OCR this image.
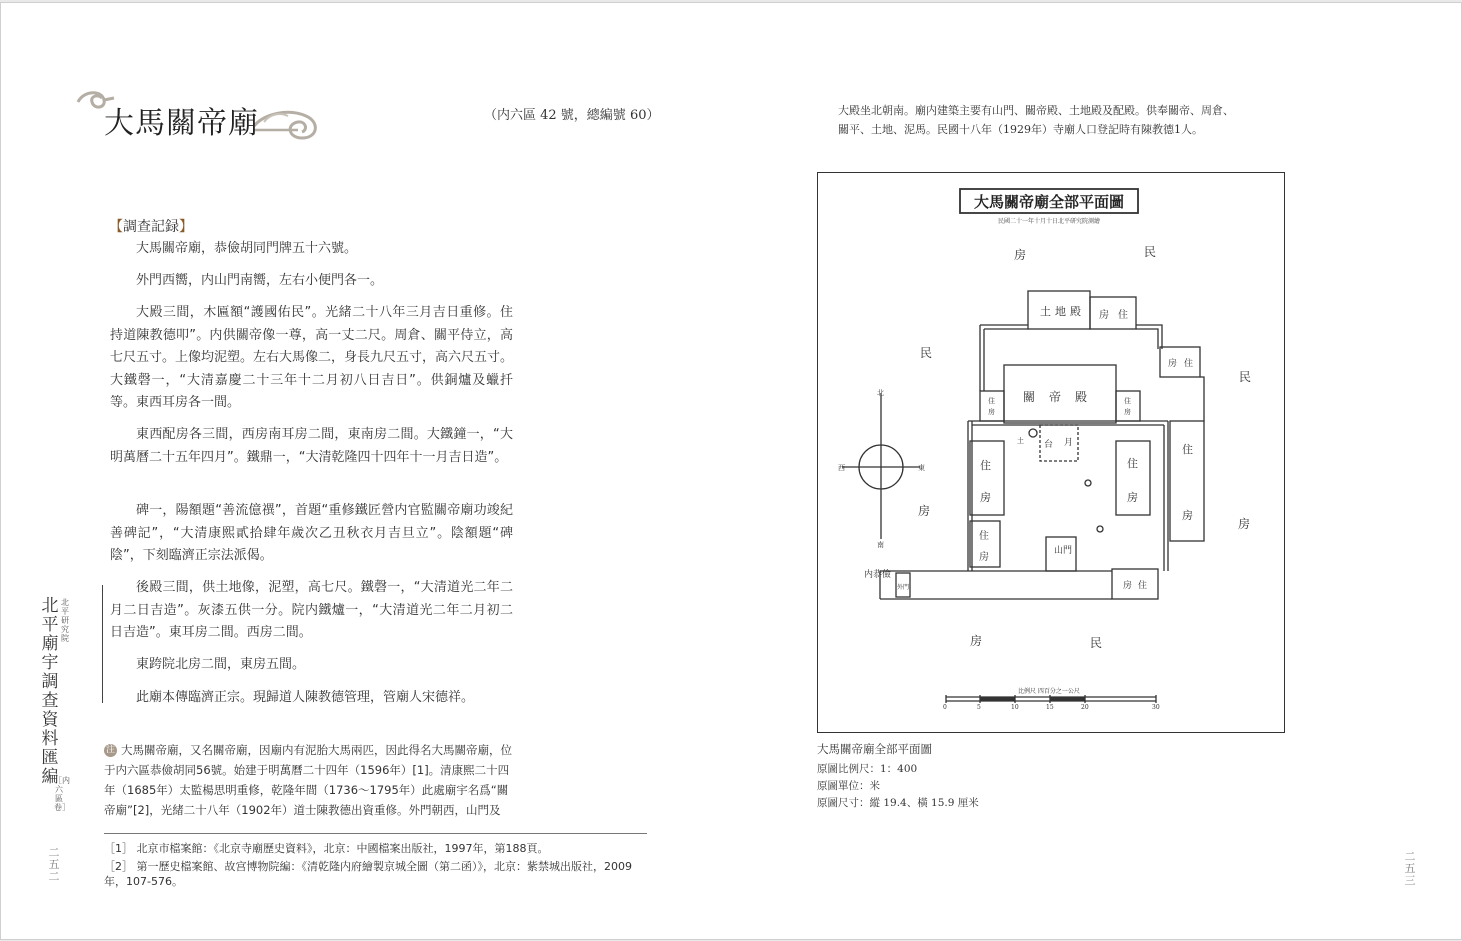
大馬關帝廟	（内六區 42 號，總編號 60）
【調查記録】

大馬關帝廟，恭儉胡同門牌五十六號。

外門西嚮，内山門南嚮，左右小便門各一。

大殿三間，木匾額“護國佑民”。光緒二十八年三月吉日重修。住持道陳教德叩”。内供關帝像一尊，高一丈二尺。周倉、關平侍立，高七尺五寸。上像均泥塑。左右大馬像二，身長九尺五寸，高六尺五寸。大鐵磬一，“大清嘉慶二十三年十二月初八日吉日”。供銅爐及蠟扦等。東西耳房各一間。

東西配房各三間，西房南耳房二間，東南房二間。大鐵鐘一，“大明萬曆二十五年四月”。鐵鼎一，“大清乾隆四十四年十一月吉日造”。

碑一，陽額題“善流億禩”，首題“重修鐵匠營内官監關帝廟功竣紀善碑記”，“大清康熙貳拾肆年歲次乙丑秋衣月吉旦立”。陰額題“碑陰”，下刻臨濟正宗法派偈。

後殿三間，供土地像，泥塑，高七尺。鐵磬一，“大清道光二年二月二日吉造”。灰漆五供一分。院内鐵爐一，“大清道光二年二月初二日吉造”。東耳房二間。西房二間。

東跨院北房二間，東房五間。

此廟本傳臨濟正宗。現歸道人陳教德管理，管廟人宋德祥。

注 大馬關帝廟，又名關帝廟，因廟内有泥胎大馬兩匹，因此得名大馬關帝廟，位于内六區恭儉胡同56號。始建于明萬曆二十四年（1596年）[1]。清康熙二十四年（1685年）太監楊思明重修，乾隆年間（1736～1795年）此處廟宇名爲“關帝廟”[2]，光緒二十八年（1902年）道士陳教德出資重修。外門朝西，山門及
［1］ 北京市檔案館：《北京寺廟歷史資料》，北京：中國檔案出版社，1997年，第188頁。
［2］ 第一歷史檔案館、故宫博物院編：《清乾隆内府繪製京城全圖（第二函）》，北京：紫禁城出版社，2009年，107-576。
北平廟宇調查資料匯編
北平研究院
［内六區卷］
二五二
大殿坐北朝南。廟内建築主要有山門、關帝殿、土地殿及配殿。供奉關帝、周倉、關平、土地、泥馬。民國十八年（1929年）寺廟人口登記時有陳教德1人。
大馬關帝廟全部平面圖
民國二十一年十月十日北平研究院測繪
房	民
民
民
房
房
房	民
土地殿 房 住
關帝殿
住
房
住
房
房 住
台 月
土
住
房
住
房
住
房
住
房
山門
外門	房 住
内恭儉
北
南
東
西
比例尺 四百分之一公尺
0	5	10	15	20	30
大馬關帝廟全部平面圖
原圖比例尺：1：400
原圖單位：米
原圖尺寸：縱 19.4、橫 15.9 厘米
二五三
